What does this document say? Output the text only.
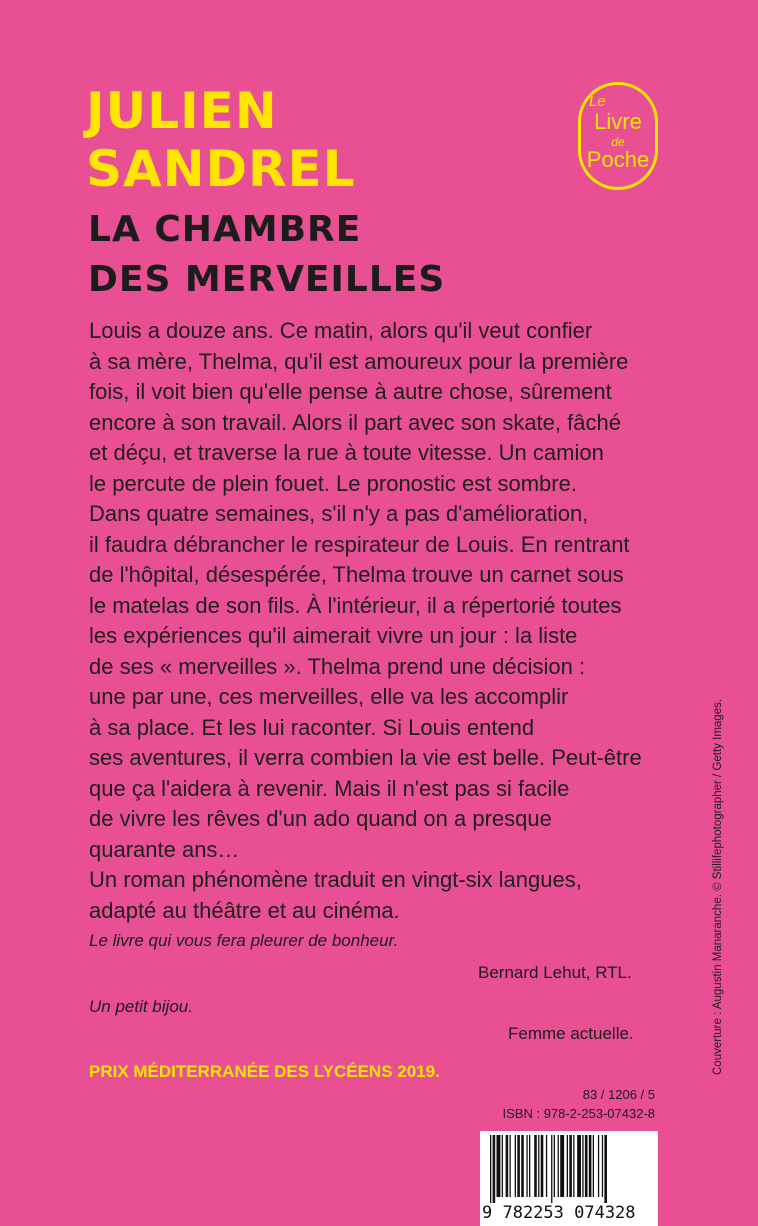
JULIEN
SANDREL
Le
Livre
de
Poche
LA CHAMBRE
DES MERVEILLES
Louis a douze ans. Ce matin, alors qu'il veut confier
à sa mère, Thelma, qu'il est amoureux pour la première
fois, il voit bien qu'elle pense à autre chose, sûrement
encore à son travail. Alors il part avec son skate, fâché
et déçu, et traverse la rue à toute vitesse. Un camion
le percute de plein fouet. Le pronostic est sombre.
Dans quatre semaines, s'il n'y a pas d'amélioration,
il faudra débrancher le respirateur de Louis. En rentrant
de l'hôpital, désespérée, Thelma trouve un carnet sous
le matelas de son fils. À l'intérieur, il a répertorié toutes
les expériences qu'il aimerait vivre un jour : la liste
de ses « merveilles ». Thelma prend une décision :
une par une, ces merveilles, elle va les accomplir
à sa place. Et les lui raconter. Si Louis entend
ses aventures, il verra combien la vie est belle. Peut-être
que ça l'aidera à revenir. Mais il n'est pas si facile
de vivre les rêves d'un ado quand on a presque
quarante ans…
Un roman phénomène traduit en vingt-six langues,
adapté au théâtre et au cinéma.
Le livre qui vous fera pleurer de bonheur.
Bernard Lehut, RTL.
Un petit bijou.
Femme actuelle.
PRIX MÉDITERRANÉE DES LYCÉENS 2019.
83 / 1206 / 5
ISBN : 978-2-253-07432-8
9 782253 074328
Couverture : Augustin Manaranche. © Stillifephotographer / Getty Images.
